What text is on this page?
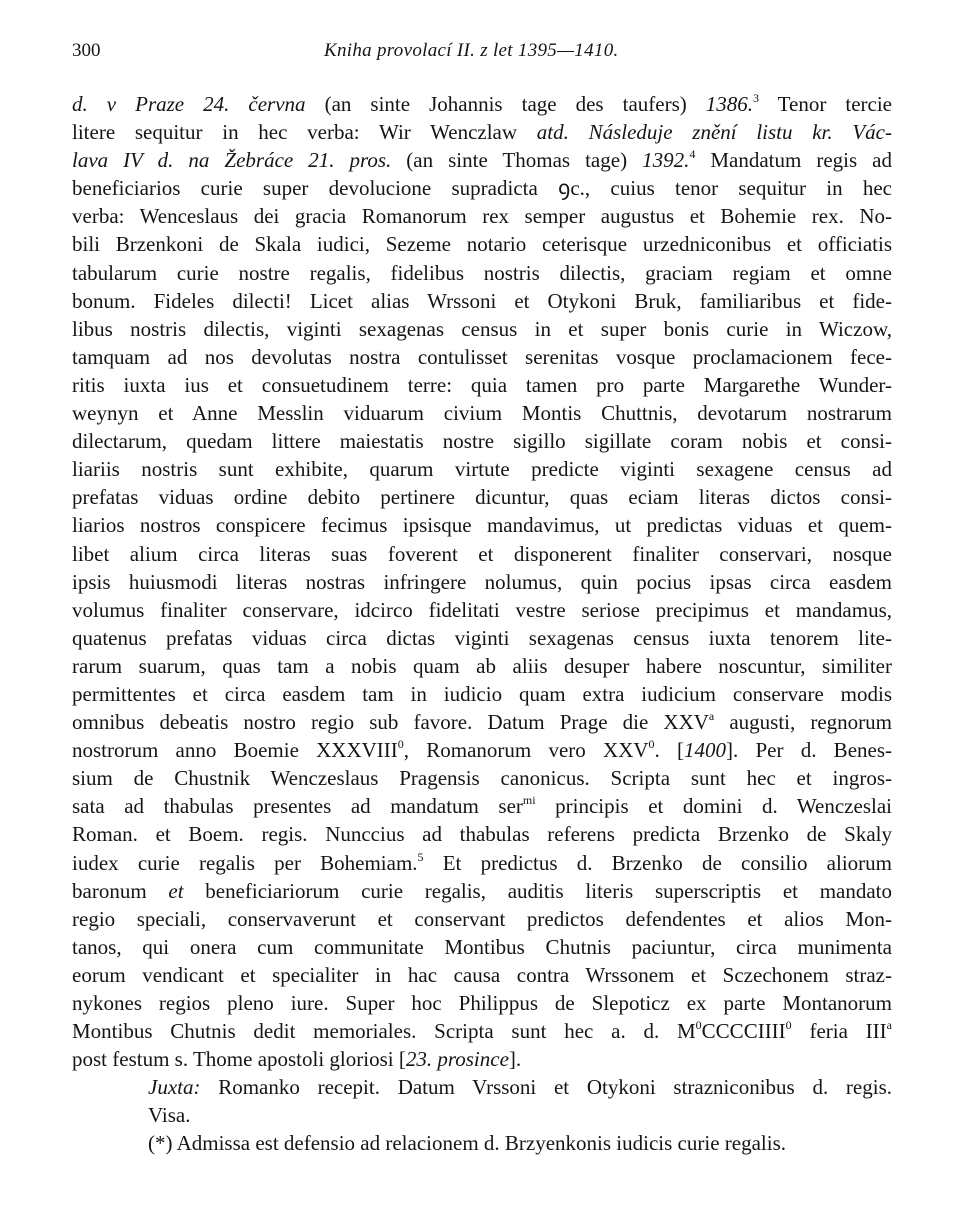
300	Kniha provolací II. z let 1395—1410.
d. v Praze 24. června (an sinte Johannis tage des taufers) 1386.$^3$ Tenor tercie
litere sequitur in hec verba: Wir Wenczlaw atd. Následuje znění listu kr. Vác-
lava IV d. na Žebráce 21. pros. (an sinte Thomas tage) 1392.$^4$ Mandatum regis ad
beneficiarios curie super devolucione supradicta ꝯc., cuius tenor sequitur in hec
verba: Wenceslaus dei gracia Romanorum rex semper augustus et Bohemie rex. No-
bili Brzenkoni de Skala iudici, Sezeme notario ceterisque urzedniconibus et officiatis
tabularum curie nostre regalis, fidelibus nostris dilectis, graciam regiam et omne
bonum. Fideles dilecti! Licet alias Wrssoni et Otykoni Bruk, familiaribus et fide-
libus nostris dilectis, viginti sexagenas census in et super bonis curie in Wiczow,
tamquam ad nos devolutas nostra contulisset serenitas vosque proclamacionem fece-
ritis iuxta ius et consuetudinem terre: quia tamen pro parte Margarethe Wunder-
weynyn et Anne Messlin viduarum civium Montis Chuttnis, devotarum nostrarum
dilectarum, quedam littere maiestatis nostre sigillo sigillate coram nobis et consi-
liariis nostris sunt exhibite, quarum virtute predicte viginti sexagene census ad
prefatas viduas ordine debito pertinere dicuntur, quas eciam literas dictos consi-
liarios nostros conspicere fecimus ipsisque mandavimus, ut predictas viduas et quem-
libet alium circa literas suas foverent et disponerent finaliter conservari, nosque
ipsis huiusmodi literas nostras infringere nolumus, quin pocius ipsas circa easdem
volumus finaliter conservare, idcirco fidelitati vestre seriose precipimus et mandamus,
quatenus prefatas viduas circa dictas viginti sexagenas census iuxta tenorem lite-
rarum suarum, quas tam a nobis quam ab aliis desuper habere noscuntur, similiter
permittentes et circa easdem tam in iudicio quam extra iudicium conservare modis
omnibus debeatis nostro regio sub favore. Datum Prage die XXV$^a$ augusti, regnorum
nostrorum anno Boemie XXXVIII$^0$, Romanorum vero XXV$^0$. [1400]. Per d. Benes-
sium de Chustnik Wenczeslaus Pragensis canonicus. Scripta sunt hec et ingros-
sata ad thabulas presentes ad mandatum ser$^{mi}$ principis et domini d. Wenczeslai
Roman. et Boem. regis. Nunccius ad thabulas referens predicta Brzenko de Skaly
iudex curie regalis per Bohemiam.$^5$ Et predictus d. Brzenko de consilio aliorum
baronum et beneficiariorum curie regalis, auditis literis superscriptis et mandato
regio speciali, conservaverunt et conservant predictos defendentes et alios Mon-
tanos, qui onera cum communitate Montibus Chutnis paciuntur, circa munimenta
eorum vendicant et specialiter in hac causa contra Wrssonem et Sczechonem straz-
nykones regios pleno iure. Super hoc Philippus de Slepoticz ex parte Montanorum
Montibus Chutnis dedit memoriales. Scripta sunt hec a. d. $M^0CCCCIIII^0$ feria III$^a$
post festum s. Thome apostoli gloriosi [23. prosince].
Juxta: Romanko recepit. Datum Vrssoni et Otykoni strazniconibus d. regis.
Visa.
(*) Admissa est defensio ad relacionem d. Brzyenkonis iudicis curie regalis.
